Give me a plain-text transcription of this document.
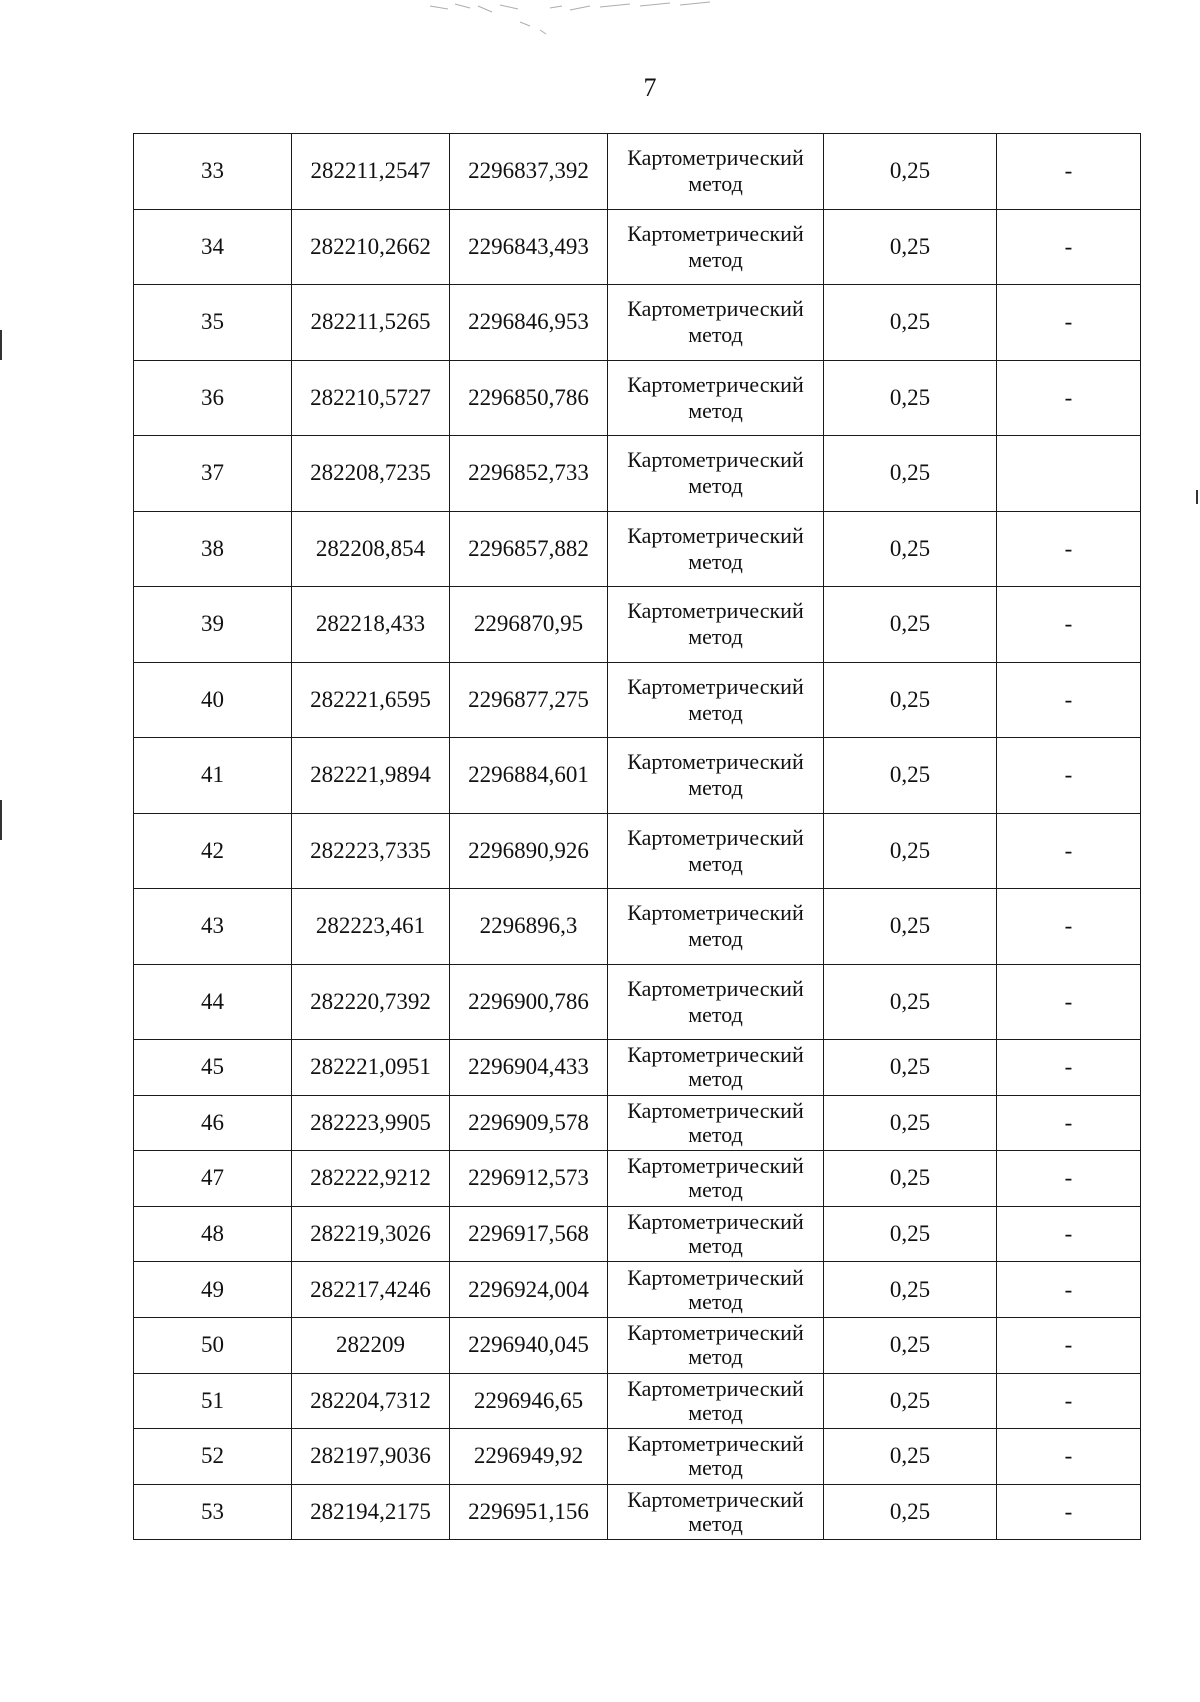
7
33	282211,2547	2296837,392	Картометрический
метод	0,25	-
34	282210,2662	2296843,493	Картометрический
метод	0,25	-
35	282211,5265	2296846,953	Картометрический
метод	0,25	-
36	282210,5727	2296850,786	Картометрический
метод	0,25	-
37	282208,7235	2296852,733	Картометрический
метод	0,25	
38	282208,854	2296857,882	Картометрический
метод	0,25	-
39	282218,433	2296870,95	Картометрический
метод	0,25	-
40	282221,6595	2296877,275	Картометрический
метод	0,25	-
41	282221,9894	2296884,601	Картометрический
метод	0,25	-
42	282223,7335	2296890,926	Картометрический
метод	0,25	-
43	282223,461	2296896,3	Картометрический
метод	0,25	-
44	282220,7392	2296900,786	Картометрический
метод	0,25	-
45	282221,0951	2296904,433	Картометрический
метод	0,25	-
46	282223,9905	2296909,578	Картометрический
метод	0,25	-
47	282222,9212	2296912,573	Картометрический
метод	0,25	-
48	282219,3026	2296917,568	Картометрический
метод	0,25	-
49	282217,4246	2296924,004	Картометрический
метод	0,25	-
50	282209	2296940,045	Картометрический
метод	0,25	-
51	282204,7312	2296946,65	Картометрический
метод	0,25	-
52	282197,9036	2296949,92	Картометрический
метод	0,25	-
53	282194,2175	2296951,156	Картометрический
метод	0,25	-
